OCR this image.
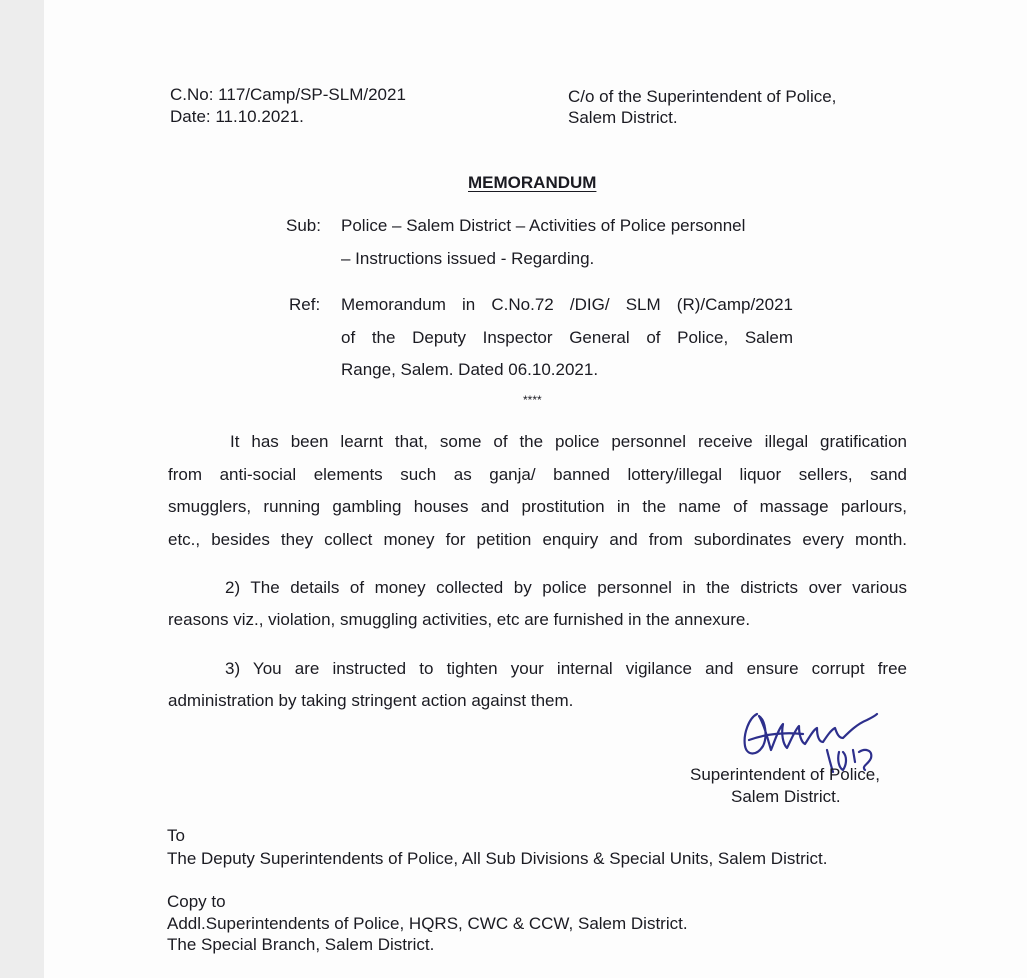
C.No: 117/Camp/SP-SLM/2021

Date: 11.10.2021.

C/o of the Superintendent of Police,

Salem District.

MEMORANDUM

Sub: Police – Salem District – Activities of Police personnel

– Instructions issued - Regarding.

Ref: Memorandum in C.No.72 /DIG/ SLM (R)/Camp/2021

of the Deputy Inspector General of Police, Salem

Range, Salem. Dated 06.10.2021.

****

It has been learnt that, some of the police personnel receive illegal gratification

from anti-social elements such as ganja/ banned lottery/illegal liquor sellers, sand

smugglers, running gambling houses and prostitution in the name of massage parlours,

etc., besides they collect money for petition enquiry and from subordinates every month.

2) The details of money collected by police personnel in the districts over various

reasons viz., violation, smuggling activities, etc are furnished in the annexure.

3) You are instructed to tighten your internal vigilance and ensure corrupt free

administration by taking stringent action against them.

Superintendent of Police,

Salem District.

To

The Deputy Superintendents of Police, All Sub Divisions & Special Units, Salem District.

Copy to

Addl.Superintendents of Police, HQRS, CWC & CCW, Salem District.

The Special Branch, Salem District.
